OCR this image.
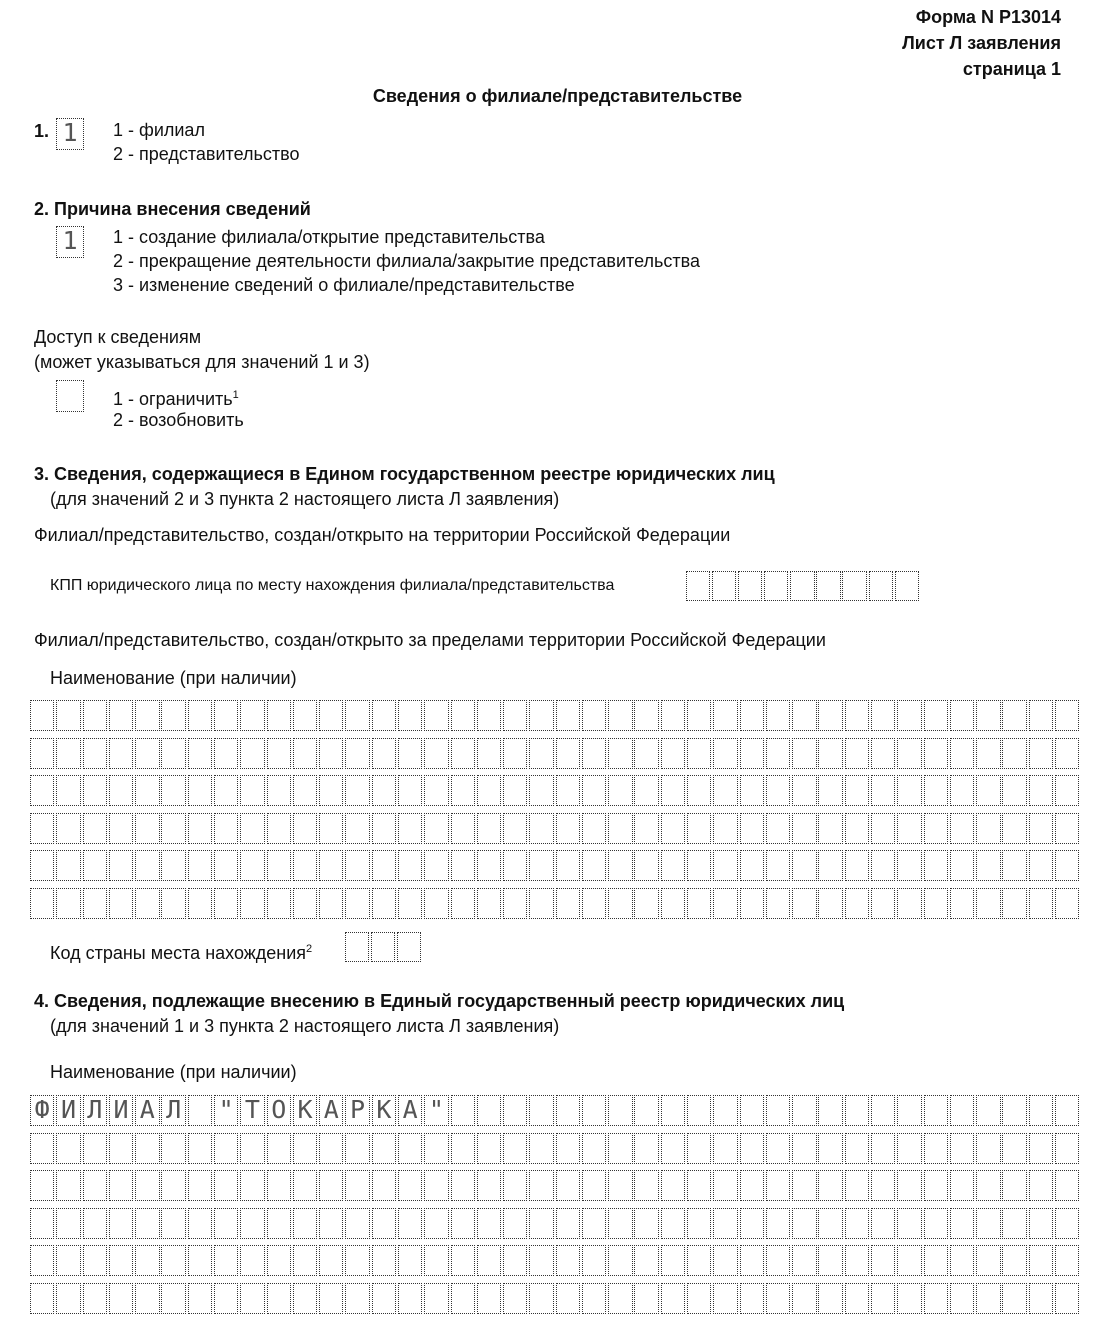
Форма N Р13014
Лист Л заявления
страница 1
Сведения о филиале/представительстве
1. 1	1 - филиал
2 - представительство
2. Причина внесения сведений
1	1 - создание филиала/открытие представительства
2 - прекращение деятельности филиала/закрытие представительства
3 - изменение сведений о филиале/представительстве
Доступ к сведениям
(может указываться для значений 1 и 3)
1 - ограничить$^1$
2 - возобновить
3. Сведения, содержащиеся в Едином государственном реестре юридических лиц
(для значений 2 и 3 пункта 2 настоящего листа Л заявления)
Филиал/представительство, создан/открыто на территории Российской Федерации
КПП юридического лица по месту нахождения филиала/представительства
Филиал/представительство, создан/открыто за пределами территории Российской Федерации
Наименование (при наличии)
Код страны места нахождения$^2$
4. Сведения, подлежащие внесению в Единый государственный реестр юридических лиц
(для значений 1 и 3 пункта 2 настоящего листа Л заявления)
Наименование (при наличии)
Ф И Л И А Л " Т О К А Р К А "
